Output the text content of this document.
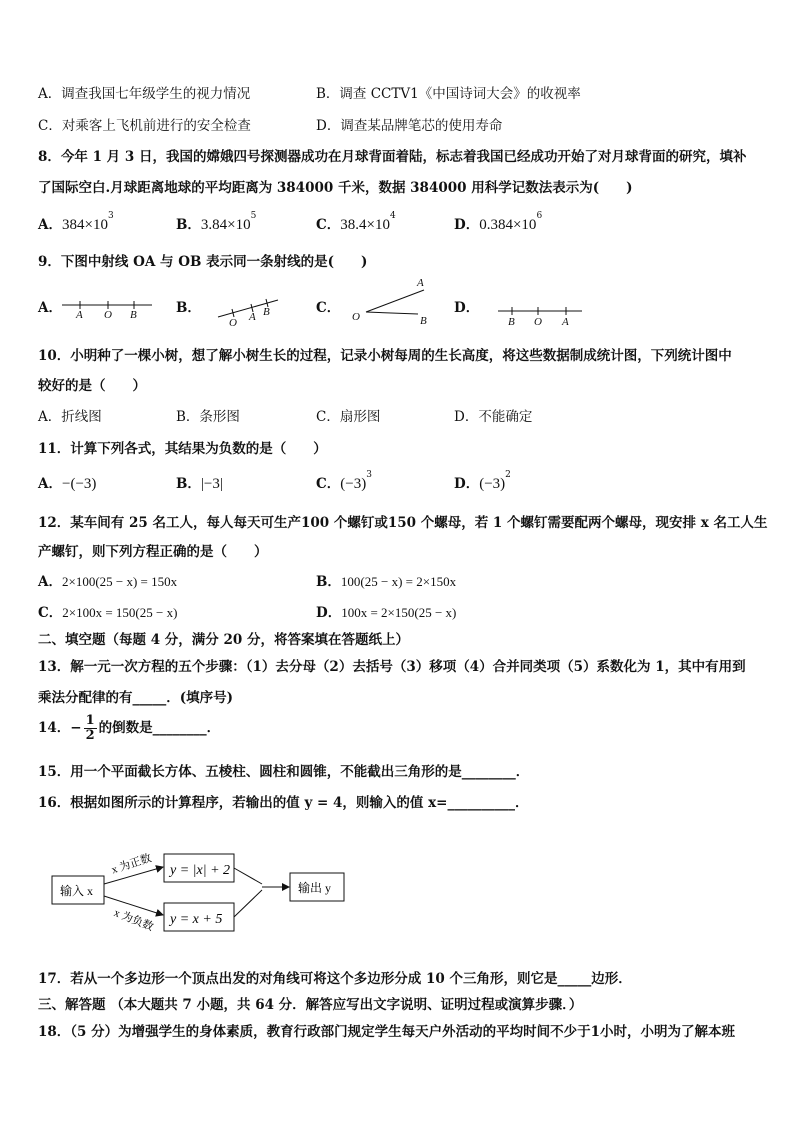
A．调查我国七年级学生的视力情况	B．调查 CCTV1《中国诗词大会》的收视率
C．对乘客上飞机前进行的安全检查	D．调查某品牌笔芯的使用寿命
8．今年 1 月 3 日，我国的嫦娥四号探测器成功在月球背面着陆，标志着我国已经成功开始了对月球背面的研究，填补
了国际空白.月球距离地球的平均距离为 384000 千米，数据 384000 用科学记数法表示为(　　)
A．$384\times 10^3$
B．$3.84\times 10^5$
C．$38.4\times 10^4$
D．$0.384\times 10^6$
9．下图中射线 OA 与 OB 表示同一条射线的是(　　)
A．	B．	C．	D．
A O B
O A B	O
A
B	B O A
10．小明种了一棵小树，想了解小树生长的过程，记录小树每周的生长高度，将这些数据制成统计图，下列统计图中
较好的是（　　）
A．折线图	B．条形图	C．扇形图	D．不能确定
11．计算下列各式，其结果为负数的是（　　）
A．−(−3)	B．|−3|	C．$(-3)^3$
D．$(-3)^2$
12．某车间有 25 名工人，每人每天可生产100 个螺钉或150 个螺母，若 1 个螺钉需要配两个螺母，现安排 x 名工人生
产螺钉，则下列方程正确的是（　　）
A．2×100(25 − x) = 150x	B．100(25 − x) = 2×150x
C．2×100x = 150(25 − x)	D．100x = 2×150(25 − x)
二、填空题（每题 4 分，满分 20 分，将答案填在答题纸上）
13．解一元一次方程的五个步骤：（1）去分母（2）去括号（3）移项（4）合并同类项（5）系数化为 1，其中有用到
乘法分配律的有_____．(填序号)
14．− $\frac{1}{2}$ 的倒数是________．
15．用一个平面截长方体、五棱柱、圆柱和圆锥，不能截出三角形的是________．
16．根据如图所示的计算程序，若输出的值 y = 4，则输入的值 x=__________．
输入 x
x 为正数
x 为负数
y = |x| + 2
y = x + 5
输出 y
17．若从一个多边形一个顶点出发的对角线可将这个多边形分成 10 个三角形，则它是_____边形．
三、解答题 （本大题共 7 小题，共 64 分．解答应写出文字说明、证明过程或演算步骤．）
18．（5 分）为增强学生的身体素质，教育行政部门规定学生每天户外活动的平均时间不少于1小时，小明为了解本班
